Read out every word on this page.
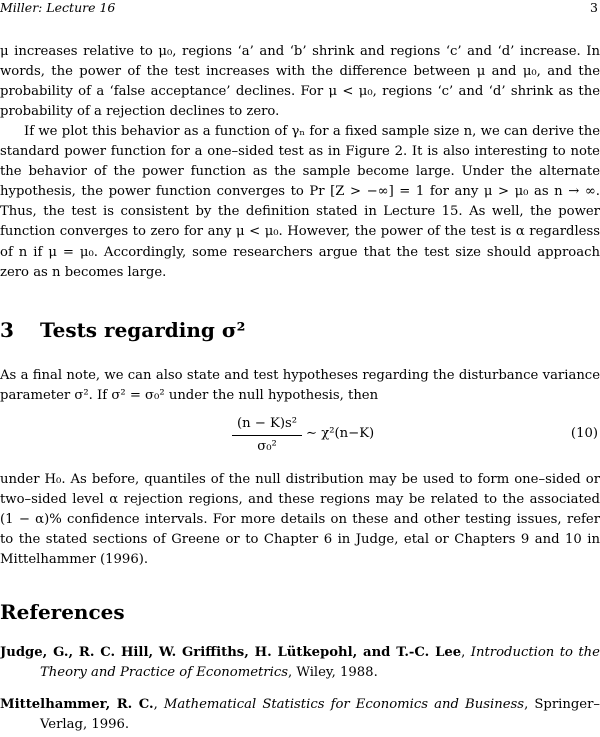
Miller: Lecture 16	3

μ increases relative to μ₀, regions ‘a’ and ‘b’ shrink and regions ‘c’ and ‘d’ increase. In words, the power of the test increases with the difference between μ and μ₀, and the probability of a ‘false acceptance’ declines. For μ < μ₀, regions ‘c’ and ‘d’ shrink as the probability of a rejection declines to zero.

If we plot this behavior as a function of γₙ for a fixed sample size n, we can derive the standard power function for a one–sided test as in Figure 2. It is also interesting to note the behavior of the power function as the sample become large. Under the alternate hypothesis, the power function converges to Pr [Z > −∞] = 1 for any μ > μ₀ as n → ∞. Thus, the test is consistent by the definition stated in Lecture 15. As well, the power function converges to zero for any μ < μ₀. However, the power of the test is α regardless of n if μ = μ₀. Accordingly, some researchers argue that the test size should approach zero as n becomes large.

3 Tests regarding σ²

As a final note, we can also state and test hypotheses regarding the disturbance variance parameter σ². If σ² = σ₀² under the null hypothesis, then

(n − K)s²
σ₀²
∼ χ²(n−K)	(10)

under H₀. As before, quantiles of the null distribution may be used to form one–sided or two–sided level α rejection regions, and these regions may be related to the associated (1 − α)% confidence intervals. For more details on these and other testing issues, refer to the stated sections of Greene or to Chapter 6 in Judge, etal or Chapters 9 and 10 in Mittelhammer (1996).

References
Judge, G., R. C. Hill, W. Griffiths, H. Lütkepohl, and T.-C. Lee, Introduction to the Theory and Practice of Econometrics, Wiley, 1988.
Mittelhammer, R. C., Mathematical Statistics for Economics and Business, Springer–Verlag, 1996.
